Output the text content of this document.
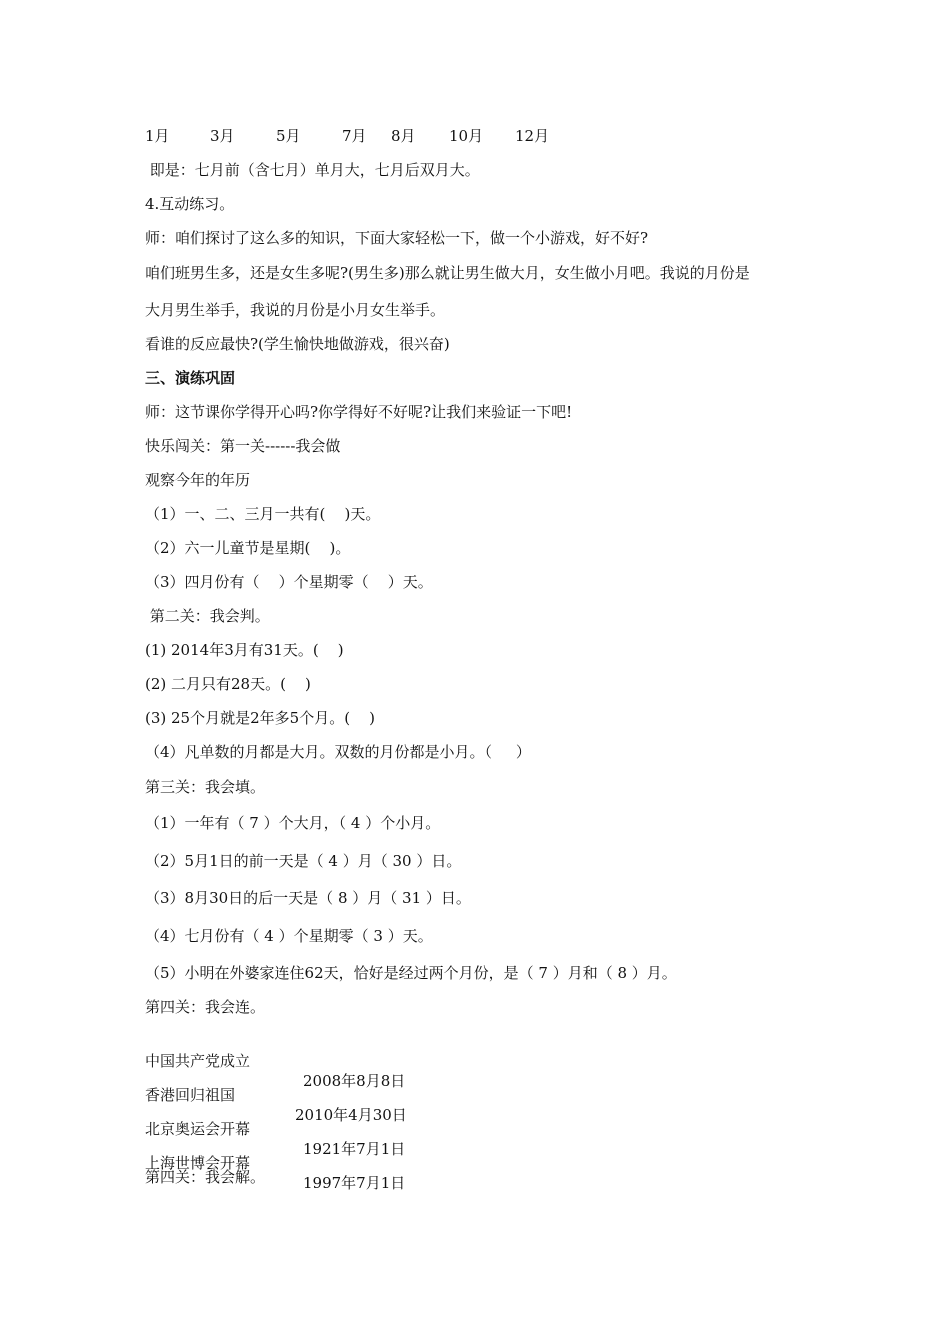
1月

	3月

	5月

	7月

8月

10月

12月

即是：七月前（含七月）单月大，七月后双月大。
4.互动练习。
师：咱们探讨了这么多的知识，下面大家轻松一下，做一个小游戏，好不好?
咱们班男生多，还是女生多呢?(男生多)那么就让男生做大月，女生做小月吧。我说的月份是
大月男生举手，我说的月份是小月女生举手。
看谁的反应最快?(学生愉快地做游戏，很兴奋)
三、演练巩固
师：这节课你学得开心吗?你学得好不好呢?让我们来验证一下吧!
快乐闯关：第一关------我会做
观察今年的年历
（1）一、二、三月一共有(    )天。
（2）六一儿童节是星期(    )。
（3）四月份有（    ）个星期零（    ）天。
第二关：我会判。
(1) 2014年3月有31天。(    )
(2) 二月只有28天。(    )
(3) 25个月就是2年多5个月。(    )
（4）凡单数的月都是大月。双数的月份都是小月。（     ）
第三关：我会填。
（1）一年有（ 7 ）个大月，（ 4 ）个小月。
（2）5月1日的前一天是（ 4 ）月（ 30 ）日。
（3）8月30日的后一天是（ 8 ）月（ 31 ）日。
（4）七月份有（ 4 ）个星期零（ 3 ）天。
（5）小明在外婆家连住62天，恰好是经过两个月份，是（ 7 ）月和（ 8 ）月。
第四关：我会连。

中国共产党成立

2008年8月8日

香港回归祖国

2010年4月30日

北京奥运会开幕

1921年7月1日

上海世博会开幕

1997年7月1日

第四关：我会解。
